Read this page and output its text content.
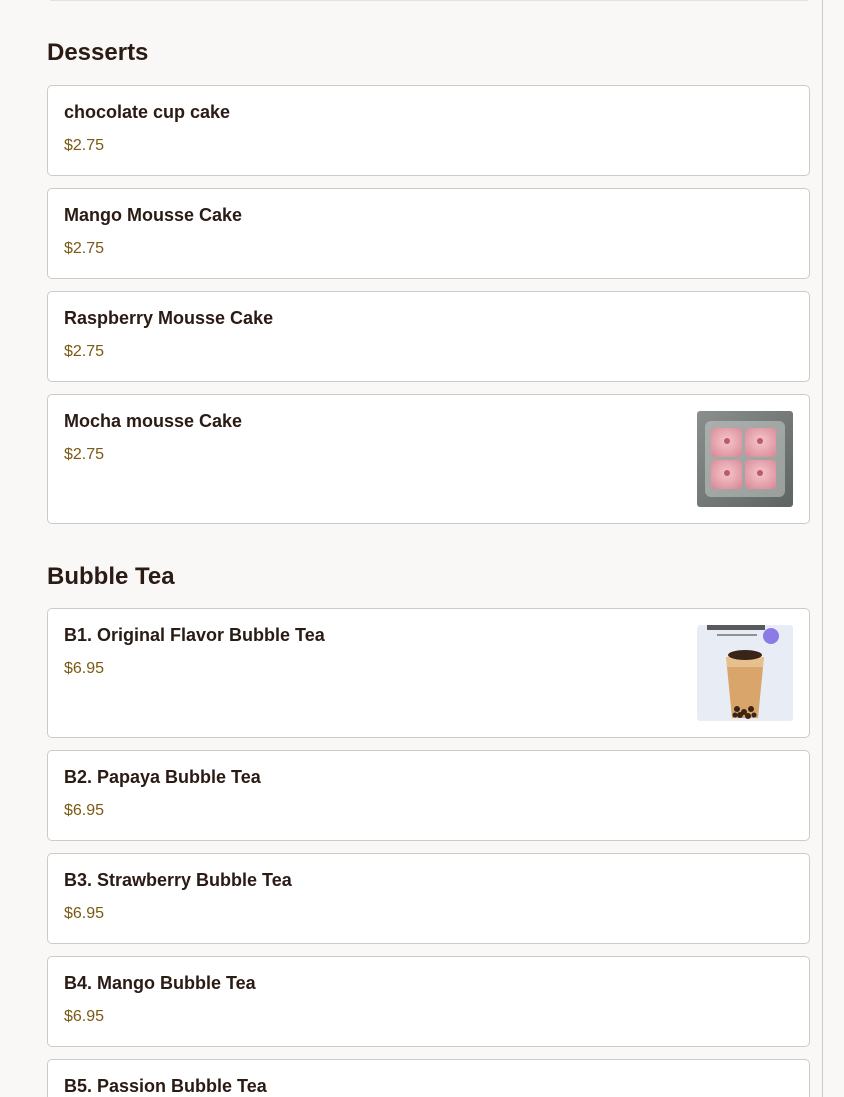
Desserts
chocolate cup cake
$2.75
Mango Mousse Cake
$2.75
Raspberry Mousse Cake
$2.75
Mocha mousse Cake
$2.75
Bubble Tea
B1. Original Flavor Bubble Tea
$6.95
B2. Papaya Bubble Tea
$6.95
B3. Strawberry Bubble Tea
$6.95
B4. Mango Bubble Tea
$6.95
B5. Passion Bubble Tea
